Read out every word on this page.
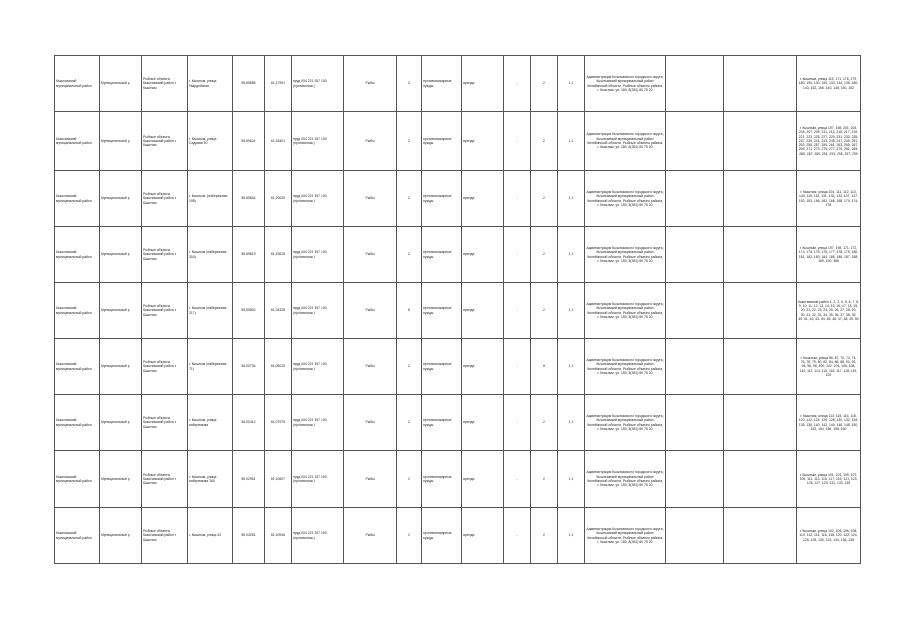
Кыштымский муниципальный район	Муниципальный р	Рыбные объекты Кыштымский район г. Кыштым	г. Кыштым, улица Гвардейская	55,69885	61,17991	пруд 004 221 157 100 (противопож.)	Рыбы	2	противопожарные нужды	аренда	-	2	1,1	Администрация Кыштымского городского округа, Кыштымский муниципальный район Челябинской области, Рыбные объекты района, г. Кыштым, ул. 180, 8(351) 80 75 20			г. Кыштым, улица 115, 171, 176, 179, 180, 190, 130, 190, 133, 134, 136, 180, 143, 152, 156, 140, 146, 150, 152
Кыштымский муниципальный район	Муниципальный р	Рыбные объекты Кыштымский район г. Кыштым	г. Кыштым, улица Садовая 10	55,69624	61,18401	пруд 004 221 157 100 (противопож.)	Рыбы	2	противопожарные нужды	аренда	-	2	1,1	Администрация Кыштымского городского округа, Кыштымский муниципальный район Челябинской области, Рыбные объекты района, г. Кыштым, ул. 180, 8(351) 80 75 20			г. Кыштым, улица 197, 198, 201, 203, 205, 207, 209, 211, 213, 215, 217, 219, 221, 223, 225, 227, 229, 231, 233, 235, 237, 239, 241, 243, 245, 247, 249, 251, 253, 255, 257, 259, 261, 263, 265, 267, 269, 271, 273, 275, 277, 279, 281, 283, 285, 287, 289, 291, 293, 295, 297, 299
Кыштымский муниципальный район	Муниципальный р	Рыбные объекты Кыштымский район г. Кыштым	г. Кыштым, (набережная 198)	55,69844	61,20029	пруд 004 221 157 100 (противопож.)	Рыбы	2	противопожарные нужды	аренда	-	2	1,1	Администрация Кыштымского городского округа, Кыштымский муниципальный район Челябинской области, Рыбные объекты района, г. Кыштым, ул. 180, 8(351) 80 75 20			г. Кыштым, улица 104, 111, 112, 113, 140, 115, 116, 131, 132, 133, 137, 147, 150, 153, 156, 162, 166, 168, 170, 174, 178
Кыштымский муниципальный район	Муниципальный р	Рыбные объекты Кыштымский район г. Кыштым	г. Кыштым (набережная 304)	55,69819	61,19615	пруд 004 221 157 100 (противопож.)	Рыбы	2	противопожарные нужды	аренда	-	2	1,1	Администрация Кыштымского городского округа, Кыштымский муниципальный район Челябинской области, Рыбные объекты района, г. Кыштым, ул. 180, 8(351) 80 75 20			г. Кыштым, улица 197, 198, 171, 172, 173, 174, 175, 176, 177, 178, 179, 180, 181, 182, 183, 184, 185, 186, 187, 188, 189, 190, 386
Кыштымский муниципальный район	Муниципальный р	Рыбные объекты Кыштымский район г. Кыштым	г. Кыштым (набережная 217)	55,95802	61,04328	пруд 004 221 157 100 (противопож.)	Рыбы	8	противопожарные нужды	аренда	-	2	1,1	Администрация Кыштымского городского округа, Кыштымский муниципальный район Челябинской области, Рыбные объекты района, г. Кыштым, ул. 180, 8(351) 80 75 20			Кыштымский район 1, 2, 3, 4, 5, 6, 7, 8, 9, 10, 11, 12, 13, 14, 15, 16, 17, 18, 19, 20, 21, 22, 23, 24, 25, 26, 27, 28, 29, 30, 31, 32, 33, 34, 35, 36, 37, 38, 39, 40, 41, 42, 43, 44, 45, 46, 47, 48, 49, 50
Кыштымский муниципальный район	Муниципальный р	Рыбные объекты Кыштымский район г. Кыштым	г. Кыштым (набережная 71)	56,00734	61,05019	пруд 004 221 157 100 (противопож.)	Рыбы	2	противопожарные нужды	аренда	-	8	1,1	Администрация Кыштымского городского округа, Кыштымский муниципальный район Челябинской области, Рыбные объекты района, г. Кыштым, ул. 180, 8(351) 80 75 20			г. Кыштым, улица 86, 87, 70, 72, 74, 76, 78, 79, 80, 82, 84, 86, 88, 90, 92, 94, 96, 98, 100, 102, 104, 106, 108, 110, 112, 114, 115, 116, 117, 118, 119, 120
Кыштымский муниципальный район	Муниципальный р	Рыбные объекты Кыштымский район г. Кыштым	г. Кыштым, улица набережная	56,00412	61,07975	пруд 004 221 157 100 (противопож.)	Рыбы	2	противопожарные нужды	аренда	-	2	1,1	Администрация Кыштымского городского округа, Кыштымский муниципальный район Челябинской области, Рыбные объекты района, г. Кыштым, ул. 180, 8(351) 80 75 20			г. Кыштым, улица 113, 115, 116, 118, 120, 122, 124, 126, 128, 130, 132, 134, 136, 138, 140, 142, 144, 146, 148, 150, 152, 154, 156, 158, 160
Кыштымский муниципальный район	Муниципальный р	Рыбные объекты Кыштымский район г. Кыштым	г. Кыштым, улица набережная 160	56,02951	61,10607	пруд 004 221 157 100 (противопож.)	Рыбы	2	противопожарные нужды	аренда	-	2	1,1	Администрация Кыштымского городского округа, Кыштымский муниципальный район Челябинской области, Рыбные объекты района, г. Кыштым, ул. 180, 8(351) 80 75 20			г. Кыштым, улица 101, 103, 105, 107, 109, 111, 113, 115, 117, 119, 121, 123, 125, 127, 129, 131, 133, 135
Кыштымский муниципальный район	Муниципальный р	Рыбные объекты Кыштымский район г. Кыштым	г. Кыштым, улица 34	56,03251	61,10946	пруд 004 221 157 100 (противопож.)	Рыбы	2	противопожарные нужды	аренда	-	2	1,1	Администрация Кыштымского городского округа, Кыштымский муниципальный район Челябинской области, Рыбные объекты района, г. Кыштым, ул. 180, 8(351) 80 75 20			г. Кыштым, улица 102, 104, 106, 108, 110, 112, 114, 116, 118, 120, 122, 124, 126, 128, 130, 132, 134, 136, 138
